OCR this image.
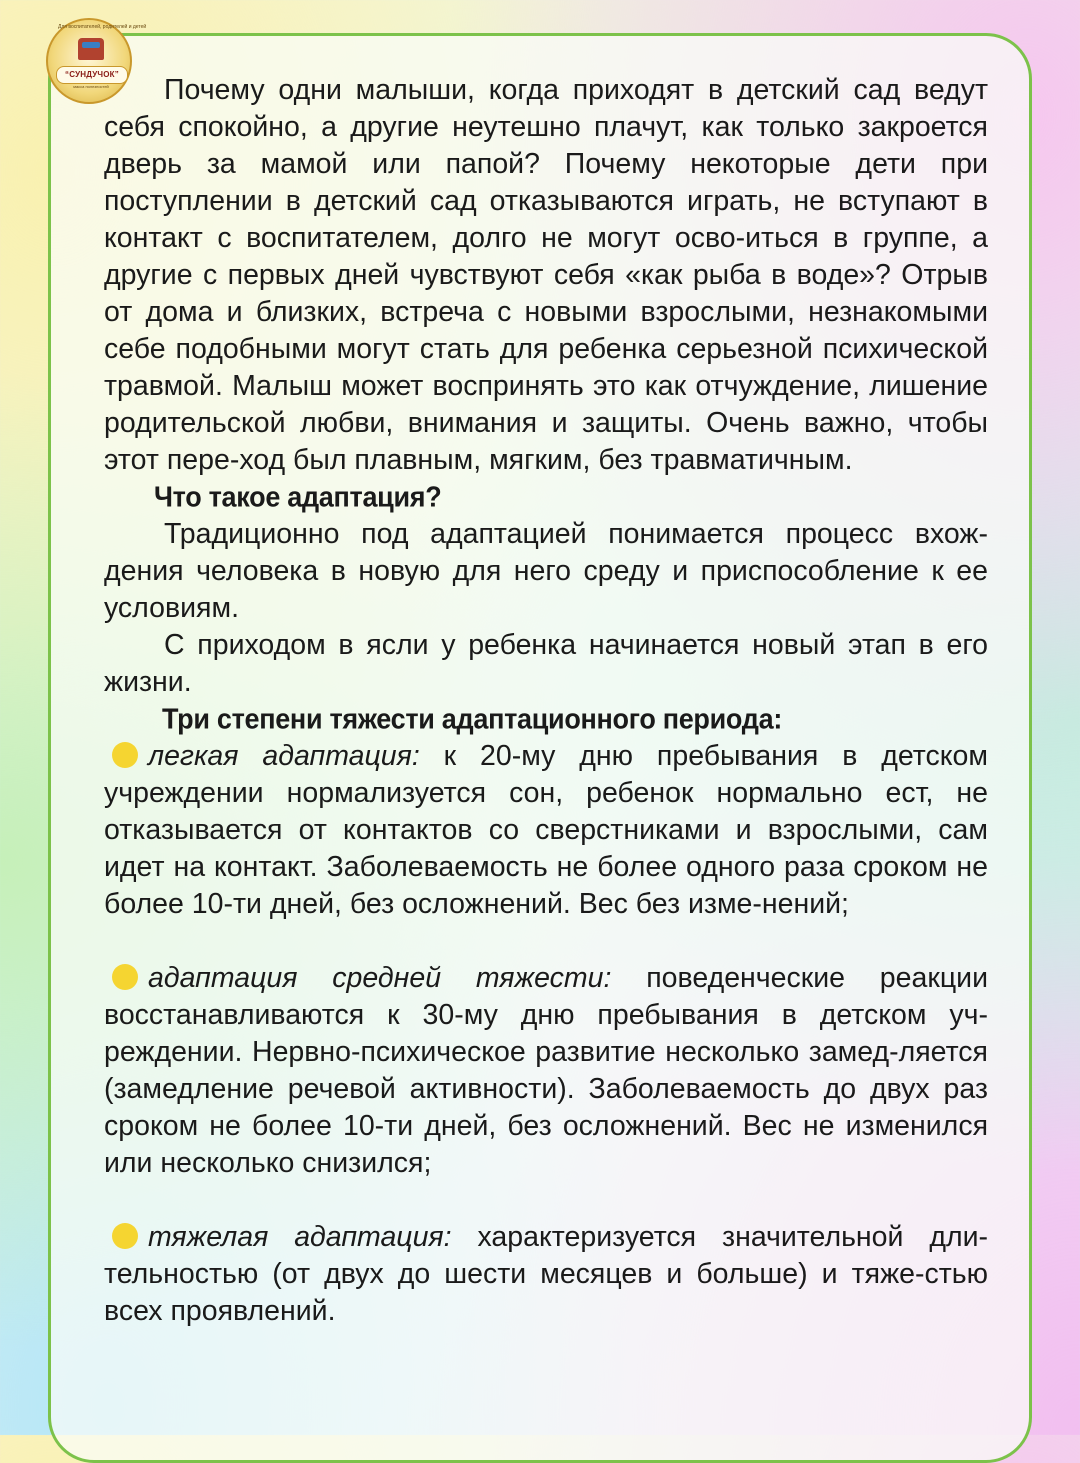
Для воспитателей, родителей и детей
“СУНДУЧОК”
масса полезностей	Почему одни малыши, когда приходят в детский сад ведут себя спокойно, а другие неутешно плачут, как только закроется дверь за мамой или папой? Почему некоторые дети при поступлении в детский сад отказываются играть, не вступают в контакт с воспитателем, долго не могут осво-иться в группе, а другие с первых дней чувствуют себя «как рыба в воде»? Отрыв от дома и близких, встреча с новыми взрослыми, незнакомыми себе подобными могут стать для ребенка серьезной психической травмой. Малыш может воспринять это как отчуждение, лишение родительской любви, внимания и защиты. Очень важно, чтобы этот пере-ход был плавным, мягким, без травматичным.

Что такое адаптация?

Традиционно под адаптацией понимается процесс вхож-дения человека в новую для него среду и приспособление к ее условиям.

С приходом в ясли у ребенка начинается новый этап в его жизни.

Три степени тяжести адаптационного периода:

легкая адаптация: к 20-му дню пребывания в детском учреждении нормализуется сон, ребенок нормально ест, не отказывается от контактов со сверстниками и взрослыми, сам идет на контакт. Заболеваемость не более одного раза сроком не более 10-ти дней, без осложнений. Вес без изме-нений;

адаптация средней тяжести: поведенческие реакции восстанавливаются к 30-му дню пребывания в детском уч-реждении. Нервно-психическое развитие несколько замед-ляется (замедление речевой активности). Заболеваемость до двух раз сроком не более 10-ти дней, без осложнений. Вес не изменился или несколько снизился;

тяжелая адаптация: характеризуется значительной дли-тельностью (от двух до шести месяцев и больше) и тяже-стью всех проявлений.
